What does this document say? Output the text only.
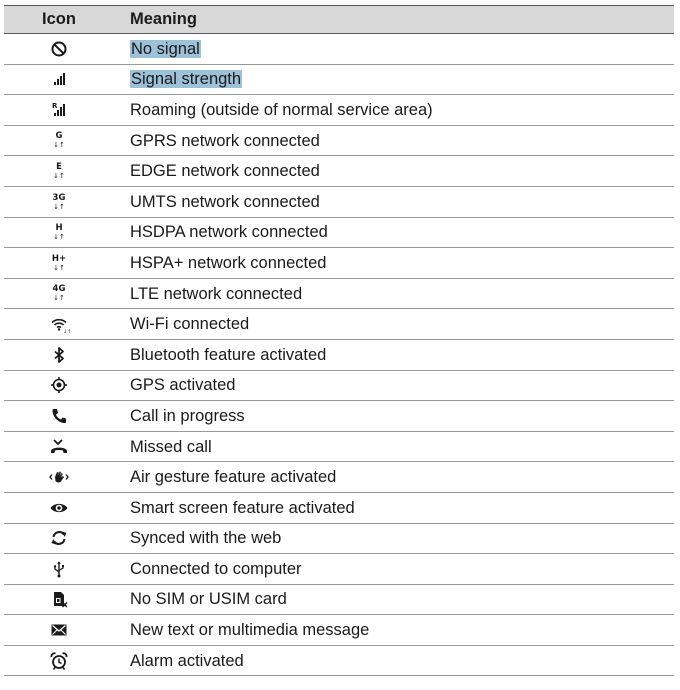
Icon	Meaning

	No signal

	Signal strength

R	Roaming (outside of normal service area)

G
↓↑	GPRS network connected

E
↓↑	EDGE network connected

3G
↓↑	UMTS network connected

H
↓↑	HSDPA network connected

H+
↓↑	HSPA+ network connected

4G
↓↑	LTE network connected

↓↑	Wi-Fi connected

	Bluetooth feature activated

	GPS activated

	Call in progress

	Missed call

	Air gesture feature activated

	Smart screen feature activated

	Synced with the web

	Connected to computer

	No SIM or USIM card

	New text or multimedia message

	Alarm activated
